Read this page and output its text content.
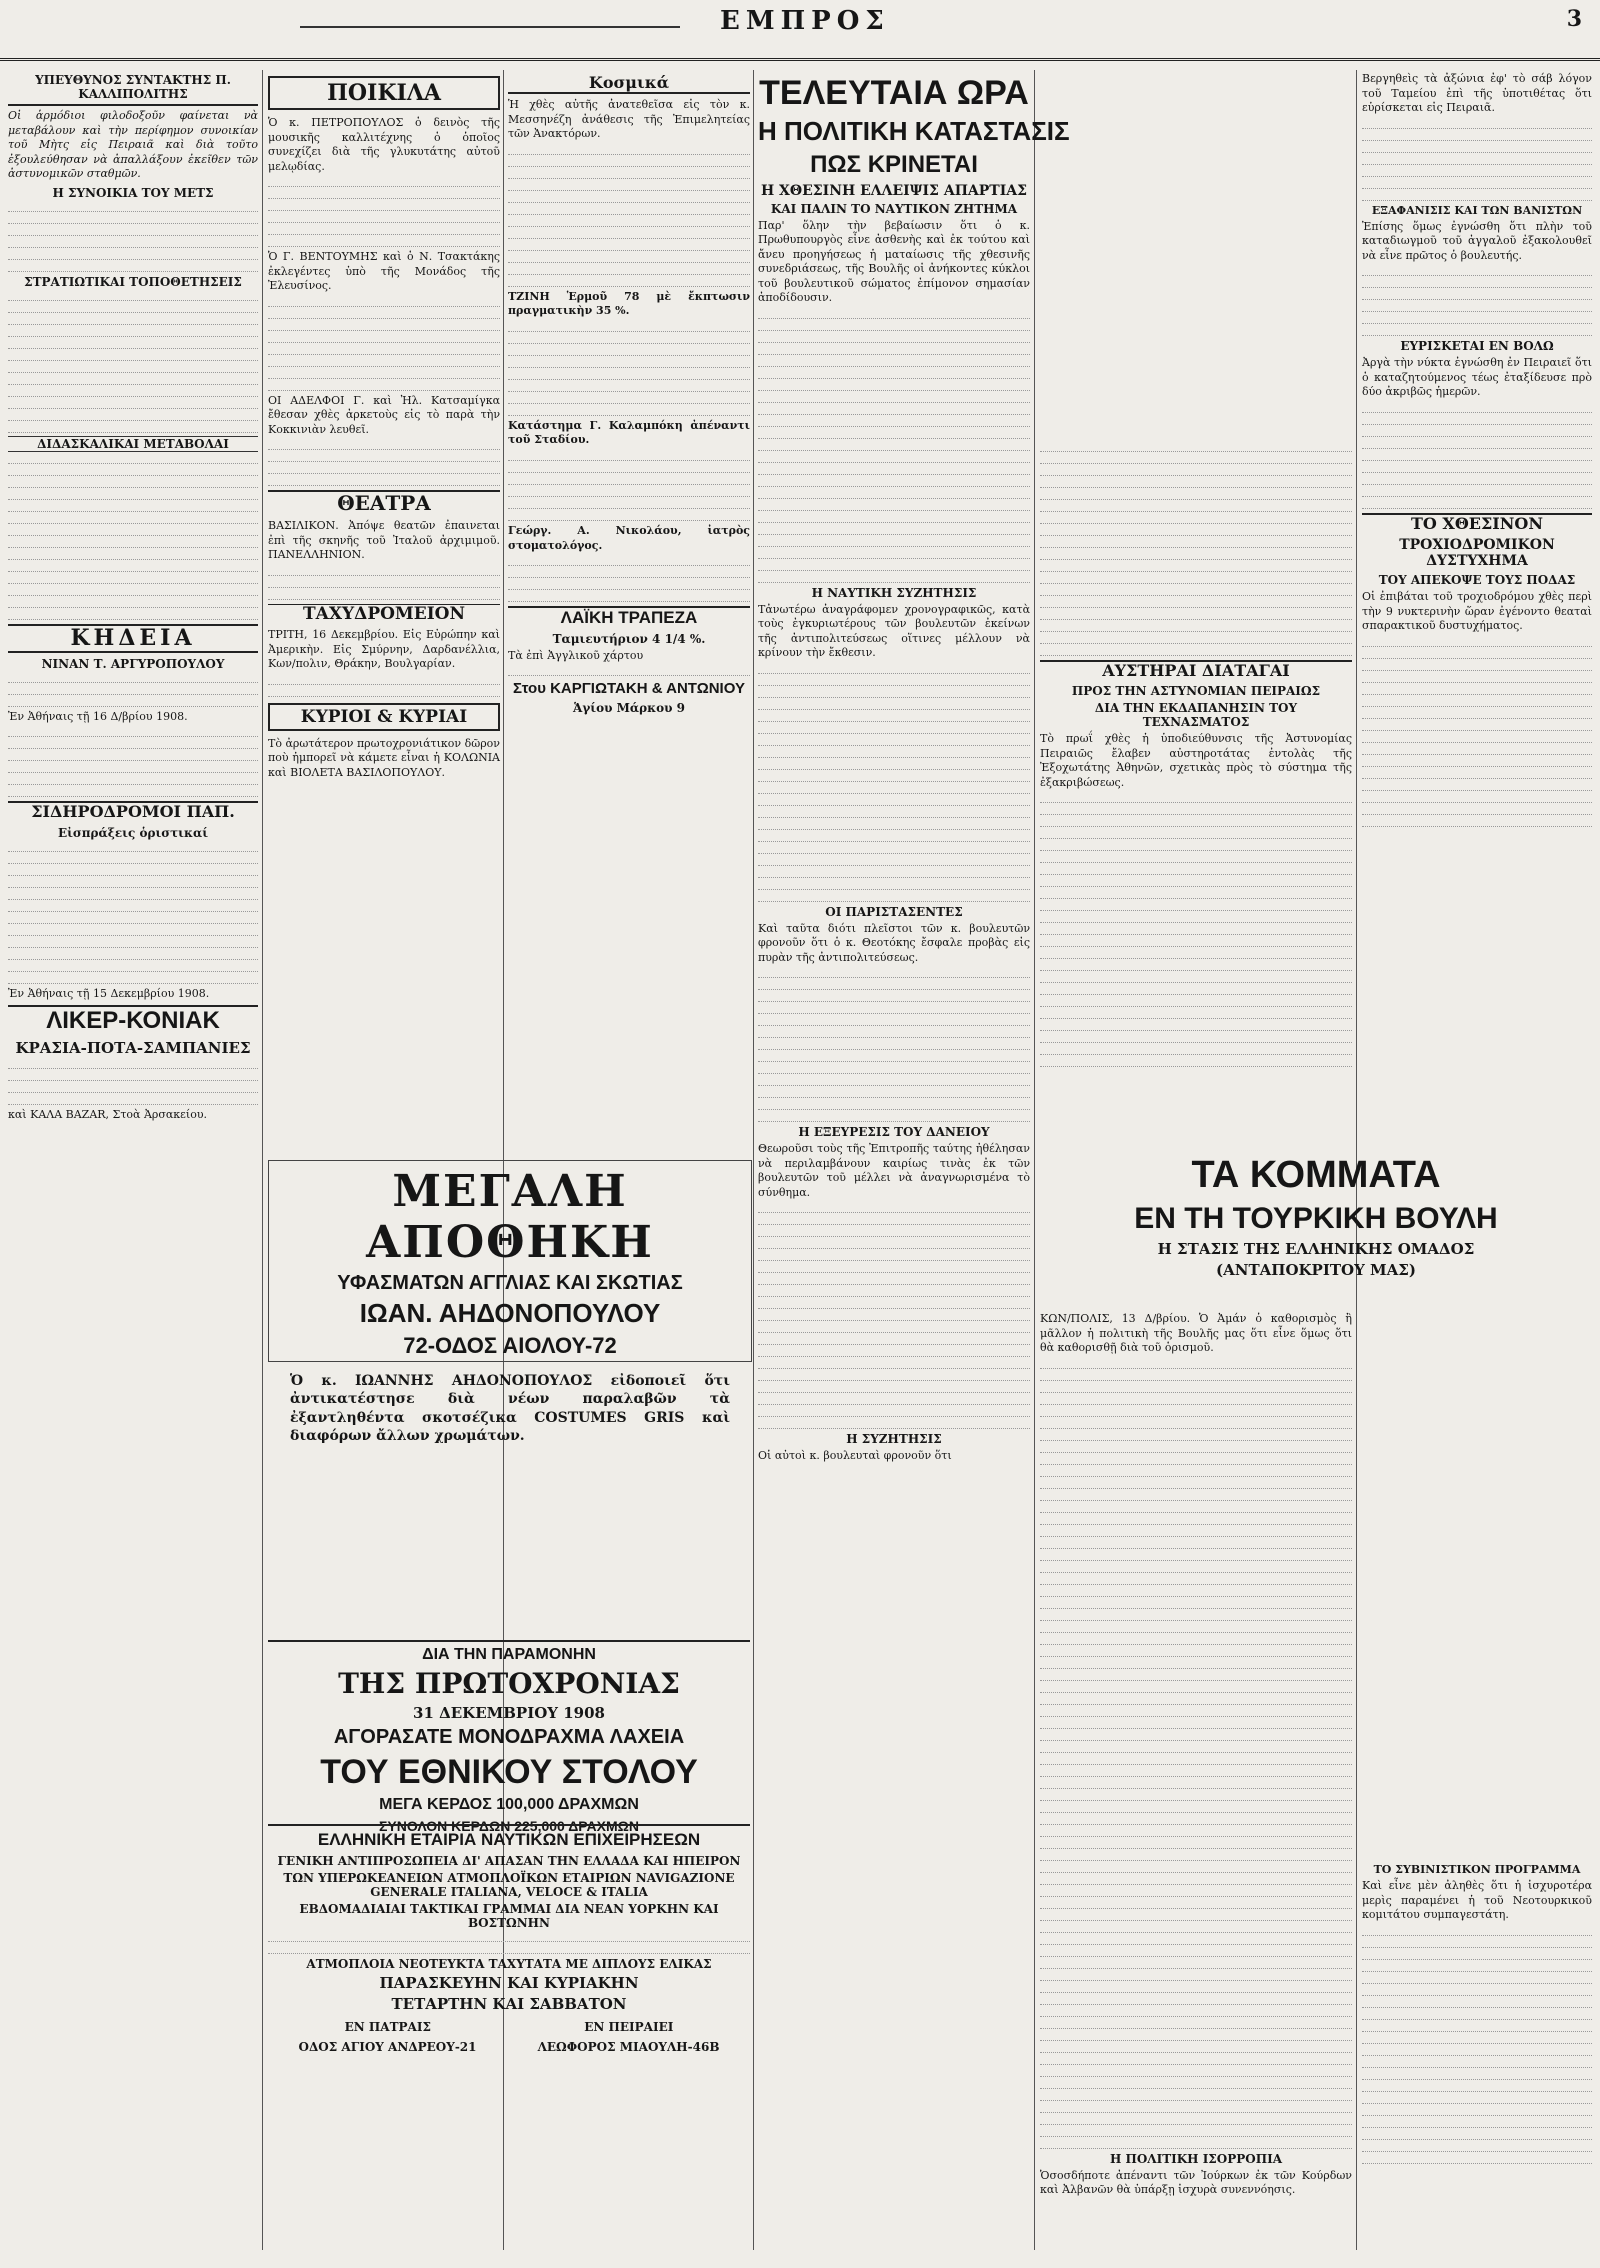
ΕΜΠΡΟΣ	3
ΥΠΕΥΘΥΝΟΣ ΣΥΝΤΑΚΤΗΣ Π. ΚΑΛΛΙΠΟΛΙΤΗΣ
Οἱ ἁρμόδιοι φιλοδοξοῦν φαίνεται νὰ μεταβάλουν καὶ τὴν περίφημον συνοικίαν τοῦ Μὴτς εἰς Πειραιᾶ καὶ διὰ τοῦτο ἐξουλεύθησαν νὰ ἀπαλλάξουν ἐκεῖθεν τῶν ἀστυνομικῶν σταθμῶν.
Η ΣΥΝΟΙΚΙΑ ΤΟΥ ΜΕΤΣ
ΣΤΡΑΤΙΩΤΙΚΑΙ ΤΟΠΟΘΕΤΗΣΕΙΣ
ΔΙΔΑΣΚΑΛΙΚΑΙ ΜΕΤΑΒΟΛΑΙ
ΚΗΔΕΙΑ
ΝΙΝΑΝ Τ. ΑΡΓΥΡΟΠΟΥΛΟΥ
Ἐν Ἀθήναις τῇ 16 Δ/βρίου 1908.
ΣΙΔΗΡΟΔΡΟΜΟΙ ΠΑΠ.
Εἰσπράξεις ὁριστικαί
Ἐν Ἀθήναις τῇ 15 Δεκεμβρίου 1908.
ΛΙΚΕΡ-ΚΟΝΙΑΚ
ΚΡΑΣΙΑ-ΠΟΤΑ-ΣΑΜΠΑΝΙΕΣ
καὶ ΚΑΛΑ BAZAR, Στοὰ Ἀρσακείου.
ΠΟΙΚΙΛΑ
Ὁ κ. ΠΕΤΡΟΠΟΥΛΟΣ ὁ δεινὸς τῆς μουσικῆς καλλιτέχνης ὁ ὁποῖος συνεχίζει διὰ τῆς γλυκυτάτης αὐτοῦ μελῳδίας.
Ὁ Γ. ΒΕΝΤΟΥΜΗΣ καὶ ὁ Ν. Τσακτάκης ἐκλεγέντες ὑπὸ τῆς Μονάδος τῆς Ἐλευσίνος.
ΟΙ ΑΔΕΛΦΟΙ Γ. καὶ Ἠλ. Κατσαμίγκα ἔθεσαν χθὲς ἀρκετοὺς εἰς τὸ παρὰ τὴν Κοκκινιὰν λευθεῖ.
ΘΕΑΤΡΑ
ΒΑΣΙΛΙΚΟΝ. Ἀπόψε θεατῶν ἐπαινεται ἐπὶ τῆς σκηνῆς τοῦ Ἰταλοῦ ἀρχιμιμοῦ. ΠΑΝΕΛΛΗΝΙΟΝ.
ΤΑΧΥΔΡΟΜΕΙΟΝ
ΤΡΙΤΗ, 16 Δεκεμβρίου. Εἰς Εὐρώπην καὶ Ἀμερικὴν. Εἰς Σμύρνην, Δαρδανέλλια, Κων/πολιν, Θράκην, Βουλγαρίαν.
ΚΥΡΙΟΙ & ΚΥΡΙΑΙ
Τὸ ἀρωτάτερον πρωτοχρονιάτικον δῶρον ποὺ ἠμπορεῖ νὰ κάμετε εἶναι ἡ ΚΟΛΩΝΙΑ καὶ ΒΙΟΛΕΤΑ ΒΑΣΙΛΟΠΟΥΛΟΥ.
Κοσμικά
Ἡ χθὲς αὐτῆς ἀνατεθεῖσα εἰς τὸν κ. Μεσσηνέζη ἀνάθεσις τῆς Ἐπιμελητείας τῶν Ἀνακτόρων.
ΤΖΙΝΗ Ἑρμοῦ 78 μὲ ἔκπτωσιν πραγματικὴν 35 %.
Κατάστημα Γ. Καλαμπόκη ἀπέναντι τοῦ Σταδίου.
Γεώργ. Α. Νικολάου, ἰατρὸς στοματολόγος.
ΛΑΪΚΗ ΤΡΑΠΕΖΑ
Ταμιευτήριον 4 1/4 %.
Τὰ ἐπὶ Ἀγγλικοῦ χάρτου
Στου ΚΑΡΓΙΩΤΑΚΗ & ΑΝΤΩΝΙΟΥ
Ἁγίου Μάρκου 9
ΜΕΓΑΛΗ ΑΠΟΘΗΚΗ
ΥΦΑΣΜΑΤΩΝ ΑΓΓΛΙΑΣ ΚΑΙ ΣΚΩΤΙΑΣ
ΙΩΑΝ. ΑΗΔΟΝΟΠΟΥΛΟΥ
72-ΟΔΟΣ ΑΙΟΛΟΥ-72
Ὁ κ. ΙΩΑΝΝΗΣ ΑΗΔΟΝΟΠΟΥΛΟΣ εἰδοποιεῖ ὅτι ἀντικατέστησε διὰ νέων παραλαβῶν τὰ ἐξαντληθέντα σκοτσέζικα COSTUMES GRIS καὶ διαφόρων ἄλλων χρωμάτων.
ΔΙΑ ΤΗΝ ΠΑΡΑΜΟΝΗΝ
ΤΗΣ ΠΡΩΤΟΧΡΟΝΙΑΣ
31 ΔΕΚΕΜΒΡΙΟΥ 1908
ΑΓΟΡΑΣΑΤΕ ΜΟΝΟΔΡΑΧΜΑ ΛΑΧΕΙΑ
ΤΟΥ ΕΘΝΙΚΟΥ ΣΤΟΛΟΥ
ΜΕΓΑ ΚΕΡΔΟΣ 100,000 ΔΡΑΧΜΩΝ
ΣΥΝΟΛΟΝ ΚΕΡΔΩΝ 225,000 ΔΡΑΧΜΩΝ
ΕΛΛΗΝΙΚΗ ΕΤΑΙΡΙΑ ΝΑΥΤΙΚΩΝ ΕΠΙΧΕΙΡΗΣΕΩΝ
ΓΕΝΙΚΗ ΑΝΤΙΠΡΟΣΩΠΕΙΑ ΔΙ' ΑΠΑΣΑΝ ΤΗΝ ΕΛΛΑΔΑ ΚΑΙ ΗΠΕΙΡΟΝ
ΤΩΝ ΥΠΕΡΩΚΕΑΝΕΙΩΝ ΑΤΜΟΠΛΟΪΚΩΝ ΕΤΑΙΡΙΩΝ NAVIGAZIONE GENERALE ITALIANA, VELOCE & ITALIA
ΕΒΔΟΜΑΔΙΑΙΑΙ ΤΑΚΤΙΚΑΙ ΓΡΑΜΜΑΙ ΔΙΑ ΝΕΑΝ ΥΟΡΚΗΝ ΚΑΙ ΒΟΣΤΩΝΗΝ
ΑΤΜΟΠΛΟΙΑ ΝΕΟΤΕΥΚΤΑ ΤΑΧΥΤΑΤΑ ΜΕ ΔΙΠΛΟΥΣ ΕΛΙΚΑΣ
ΠΑΡΑΣΚΕΥΗΝ ΚΑΙ ΚΥΡΙΑΚΗΝ
ΤΕΤΑΡΤΗΝ ΚΑΙ ΣΑΒΒΑΤΟΝ
ΕΝ ΠΑΤΡΑΙΣ	ΕΝ ΠΕΙΡΑΙΕΙ
ΟΔΟΣ ΑΓΙΟΥ ΑΝΔΡΕΟΥ-21	ΛΕΩΦΟΡΟΣ ΜΙΑΟΥΛΗ-46Β
ΤΕΛΕΥΤΑΙΑ ΩΡΑ
Η ΠΟΛΙΤΙΚΗ ΚΑΤΑΣΤΑΣΙΣ
ΠΩΣ ΚΡΙΝΕΤΑΙ
Η ΧΘΕΣΙΝΗ ΕΛΛΕΙΨΙΣ ΑΠΑΡΤΙΑΣ
ΚΑΙ ΠΑΛΙΝ ΤΟ ΝΑΥΤΙΚΟΝ ΖΗΤΗΜΑ
Παρ' ὅλην τὴν βεβαίωσιν ὅτι ὁ κ. Πρωθυπουργὸς εἶνε ἀσθενὴς καὶ ἐκ τούτου καὶ ἄνευ προηγήσεως ἡ ματαίωσις τῆς χθεσινῆς συνεδριάσεως, τῆς Βουλῆς οἱ ἀνήκοντες κύκλοι τοῦ βουλευτικοῦ σώματος ἐπίμονον σημασίαν ἀποδίδουσιν.
Η ΝΑΥΤΙΚΗ ΣΥΖΗΤΗΣΙΣ
Τἀνωτέρω ἀναγράφομεν χρονογραφικῶς, κατὰ τοὺς ἐγκυριωτέρους τῶν βουλευτῶν ἐκείνων τῆς ἀντιπολιτεύσεως οἵτινες μέλλουν νὰ κρίνουν τὴν ἔκθεσιν.
ΟΙ ΠΑΡΙΣΤΑΣΕΝΤΕΣ
Καὶ ταῦτα διότι πλεῖστοι τῶν κ. βουλευτῶν φρονοῦν ὅτι ὁ κ. Θεοτόκης ἔσφαλε προβὰς εἰς πυρὰν τῆς ἀντιπολιτεύσεως.
Η ΕΞΕΥΡΕΣΙΣ ΤΟΥ ΔΑΝΕΙΟΥ
Θεωροῦσι τοὺς τῆς Ἐπιτροπῆς ταύτης ἠθέλησαν νὰ περιλαμβάνουν καιρίως τινὰς ἐκ τῶν βουλευτῶν τοῦ μέλλει νὰ ἀναγνωρισμένα τὸ σύνθημα.
Η ΣΥΖΗΤΗΣΙΣ
Οἱ αὐτοὶ κ. βουλευταὶ φρονοῦν ὅτι
ΑΥΣΤΗΡΑΙ ΔΙΑΤΑΓΑΙ
ΠΡΟΣ ΤΗΝ ΑΣΤΥΝΟΜΙΑΝ ΠΕΙΡΑΙΩΣ
ΔΙΑ ΤΗΝ ΕΚΔΑΠΑΝΗΣΙΝ ΤΟΥ ΤΕΧΝΑΣΜΑΤΟΣ
Τὸ πρωΐ χθὲς ἡ ὑποδιεύθυνσις τῆς Ἀστυνομίας Πειραιῶς ἔλαβεν αὐστηροτάτας ἐντολὰς τῆς Ἐξοχωτάτης Ἀθηνῶν, σχετικὰς πρὸς τὸ σύστημα τῆς ἐξακριβώσεως.
ΤΑ ΚΟΜΜΑΤΑ
ΕΝ ΤΗ ΤΟΥΡΚΙΚΗ ΒΟΥΛΗ
Η ΣΤΑΣΙΣ ΤΗΣ ΕΛΛΗΝΙΚΗΣ ΟΜΑΔΟΣ
(ΑΝΤΑΠΟΚΡΙΤΟΥ ΜΑΣ)
ΚΩΝ/ΠΟΛΙΣ, 13 Δ/βρίου. Ὁ Ἀμάν ὁ καθορισμὸς ἢ μᾶλλον ἡ πολιτικὴ τῆς Βουλῆς μας ὅτι εἶνε ὅμως ὅτι θὰ καθορισθῇ διὰ τοῦ ὁρισμοῦ.
Η ΠΟΛΙΤΙΚΗ ΙΣΟΡΡΟΠΙΑ
Ὁσοσδήποτε ἀπέναντι τῶν Ἰούρκων ἐκ τῶν Κούρδων καὶ Ἀλβανῶν θὰ ὑπάρξῃ ἰσχυρὰ συνεννόησις.
Βεργηθεὶς τὰ ἀξώνια ἐφ' τὸ σάβ λόγον τοῦ Ταμείου ἐπὶ τῆς ὑποτιθέτας ὅτι εὑρίσκεται εἰς Πειραιᾶ.
ΕΞΑΦΑΝΙΣΙΣ ΚΑΙ ΤΩΝ ΒΑΝΙΣΤΩΝ
Ἐπίσης ὅμως ἐγνώσθη ὅτι πλὴν τοῦ καταδιωγμοῦ τοῦ ἀγγαλοῦ ἐξακολουθεῖ νὰ εἶνε πρῶτος ὁ βουλευτής.
ΕΥΡΙΣΚΕΤΑΙ ΕΝ ΒΟΛΩ
Ἀργὰ τὴν νύκτα ἐγνώσθη ἐν Πειραιεῖ ὅτι ὁ καταζητούμενος τέως ἐταξίδευσε πρὸ δύο ἀκριβῶς ἡμερῶν.
ΤΟ ΧΘΕΣΙΝΟΝ
ΤΡΟΧΙΟΔΡΟΜΙΚΟΝ ΔΥΣΤΥΧΗΜΑ
ΤΟΥ ΑΠΕΚΟΨΕ ΤΟΥΣ ΠΟΔΑΣ
Οἱ ἐπιβάται τοῦ τροχιοδρόμου χθὲς περὶ τὴν 9 νυκτερινὴν ὥραν ἐγένοντο θεαταὶ σπαρακτικοῦ δυστυχήματος.
ΤΟ ΣΥΒΙΝΙΣΤΙΚΟΝ ΠΡΟΓΡΑΜΜΑ
Καὶ εἶνε μὲν ἀληθὲς ὅτι ἡ ἰσχυροτέρα μερὶς παραμένει ἡ τοῦ Νεοτουρκικοῦ κομιτάτου συμπαγεστάτη.
